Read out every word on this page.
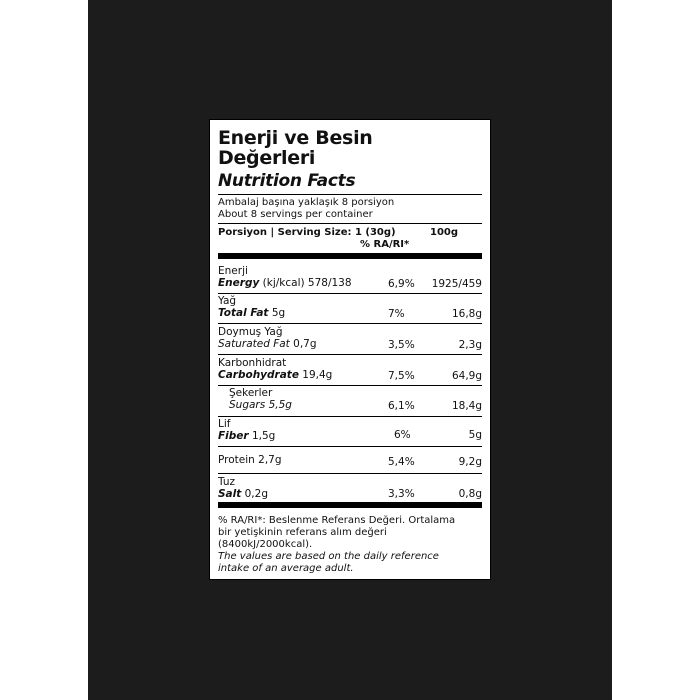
Enerji ve Besin
Değerleri
Nutrition Facts
Ambalaj başına yaklaşık 8 porsiyon
About 8 servings per container
Porsiyon | Serving Size: 1 (30g)	100g
% RA/RI*
Enerji
Energy (kj/kcal) 578/138	6,9% 1925/459
Yağ
Total Fat 5g	7%	16,8g
Doymuş Yağ
Saturated Fat 0,7g	3,5%	2,3g
Karbonhidrat
Carbohydrate 19,4g	7,5%	64,9g
Şekerler
Sugars 5,5g	6,1%	18,4g
Lif
Fiber 1,5g	6%	5g
Protein 2,7g	5,4%	9,2g
Tuz
Salt 0,2g	3,3%	0,8g
% RA/RI*: Beslenme Referans Değeri. Ortalama
bir yetişkinin referans alım değeri
(8400kJ/2000kcal).
The values are based on the daily reference
intake of an average adult.
